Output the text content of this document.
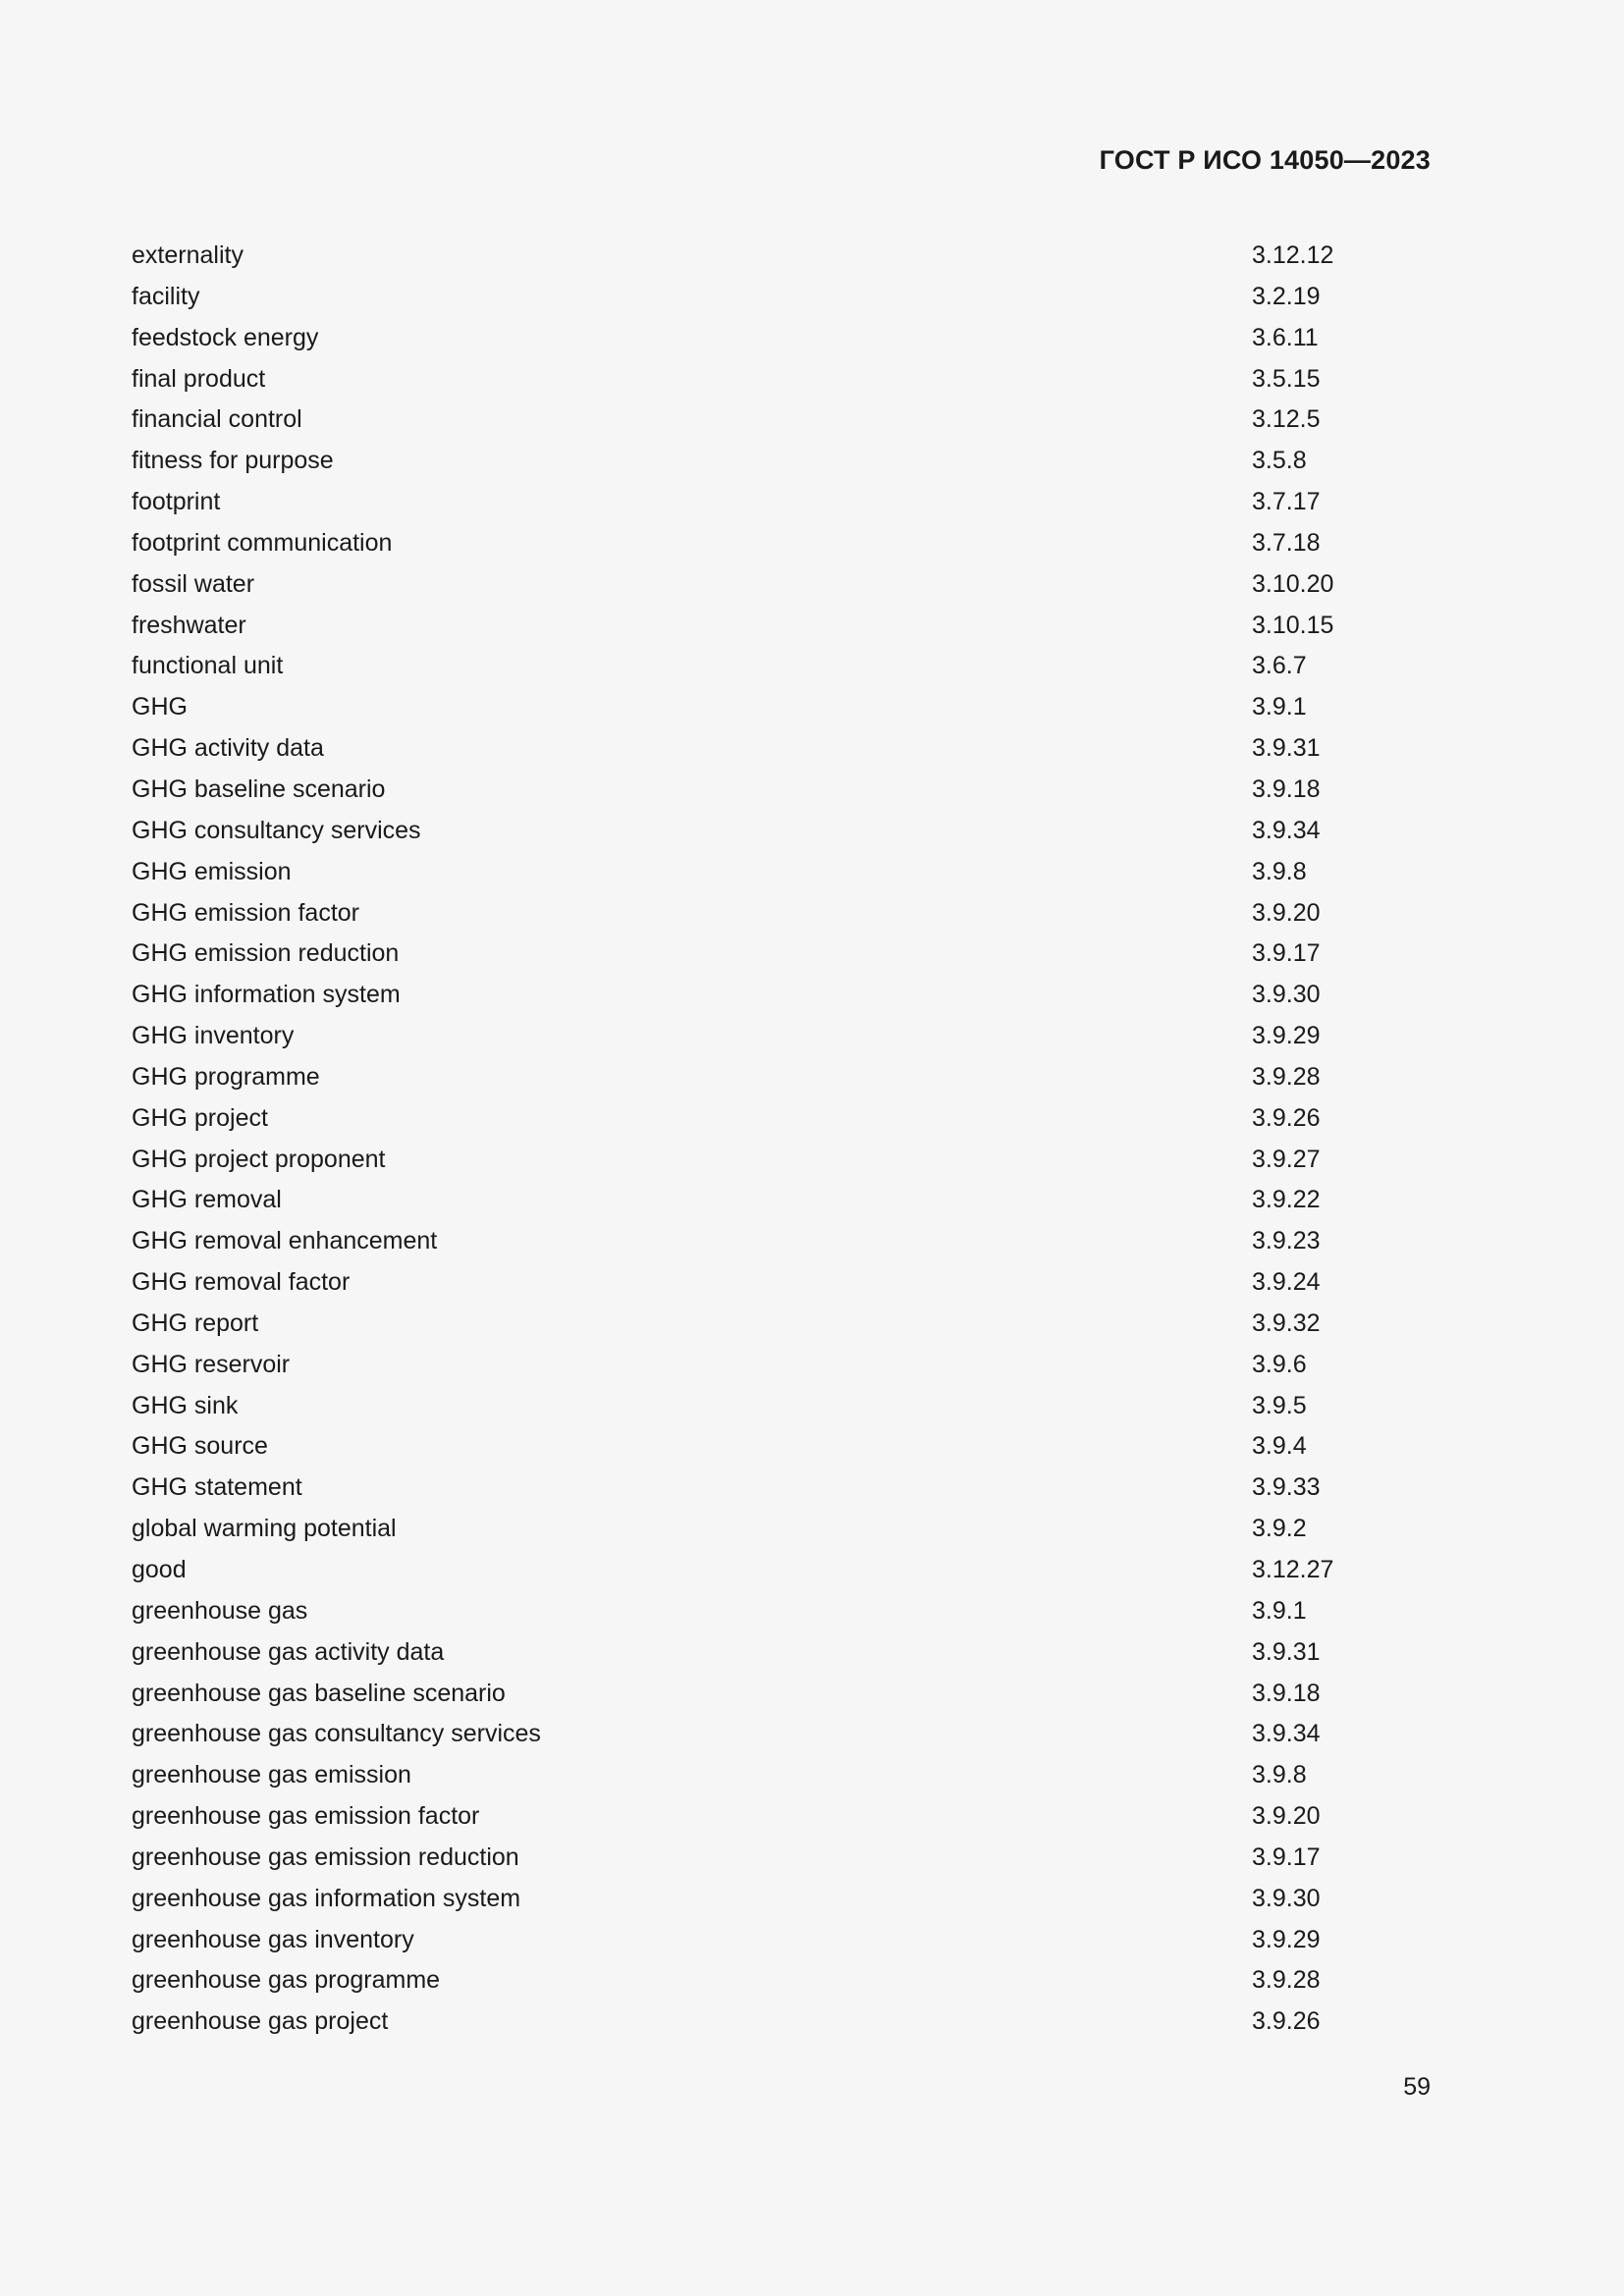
ГОСТ Р ИСО 14050—2023
externality	3.12.12
facility	3.2.19
feedstock energy	3.6.11
final product	3.5.15
financial control	3.12.5
fitness for purpose	3.5.8
footprint	3.7.17
footprint communication	3.7.18
fossil water	3.10.20
freshwater	3.10.15
functional unit	3.6.7
GHG	3.9.1
GHG activity data	3.9.31
GHG baseline scenario	3.9.18
GHG consultancy services	3.9.34
GHG emission	3.9.8
GHG emission factor	3.9.20
GHG emission reduction	3.9.17
GHG information system	3.9.30
GHG inventory	3.9.29
GHG programme	3.9.28
GHG project	3.9.26
GHG project proponent	3.9.27
GHG removal	3.9.22
GHG removal enhancement	3.9.23
GHG removal factor	3.9.24
GHG report	3.9.32
GHG reservoir	3.9.6
GHG sink	3.9.5
GHG source	3.9.4
GHG statement	3.9.33
global warming potential	3.9.2
good	3.12.27
greenhouse gas	3.9.1
greenhouse gas activity data	3.9.31
greenhouse gas baseline scenario	3.9.18
greenhouse gas consultancy services	3.9.34
greenhouse gas emission	3.9.8
greenhouse gas emission factor	3.9.20
greenhouse gas emission reduction	3.9.17
greenhouse gas information system	3.9.30
greenhouse gas inventory	3.9.29
greenhouse gas programme	3.9.28
greenhouse gas project	3.9.26
59
